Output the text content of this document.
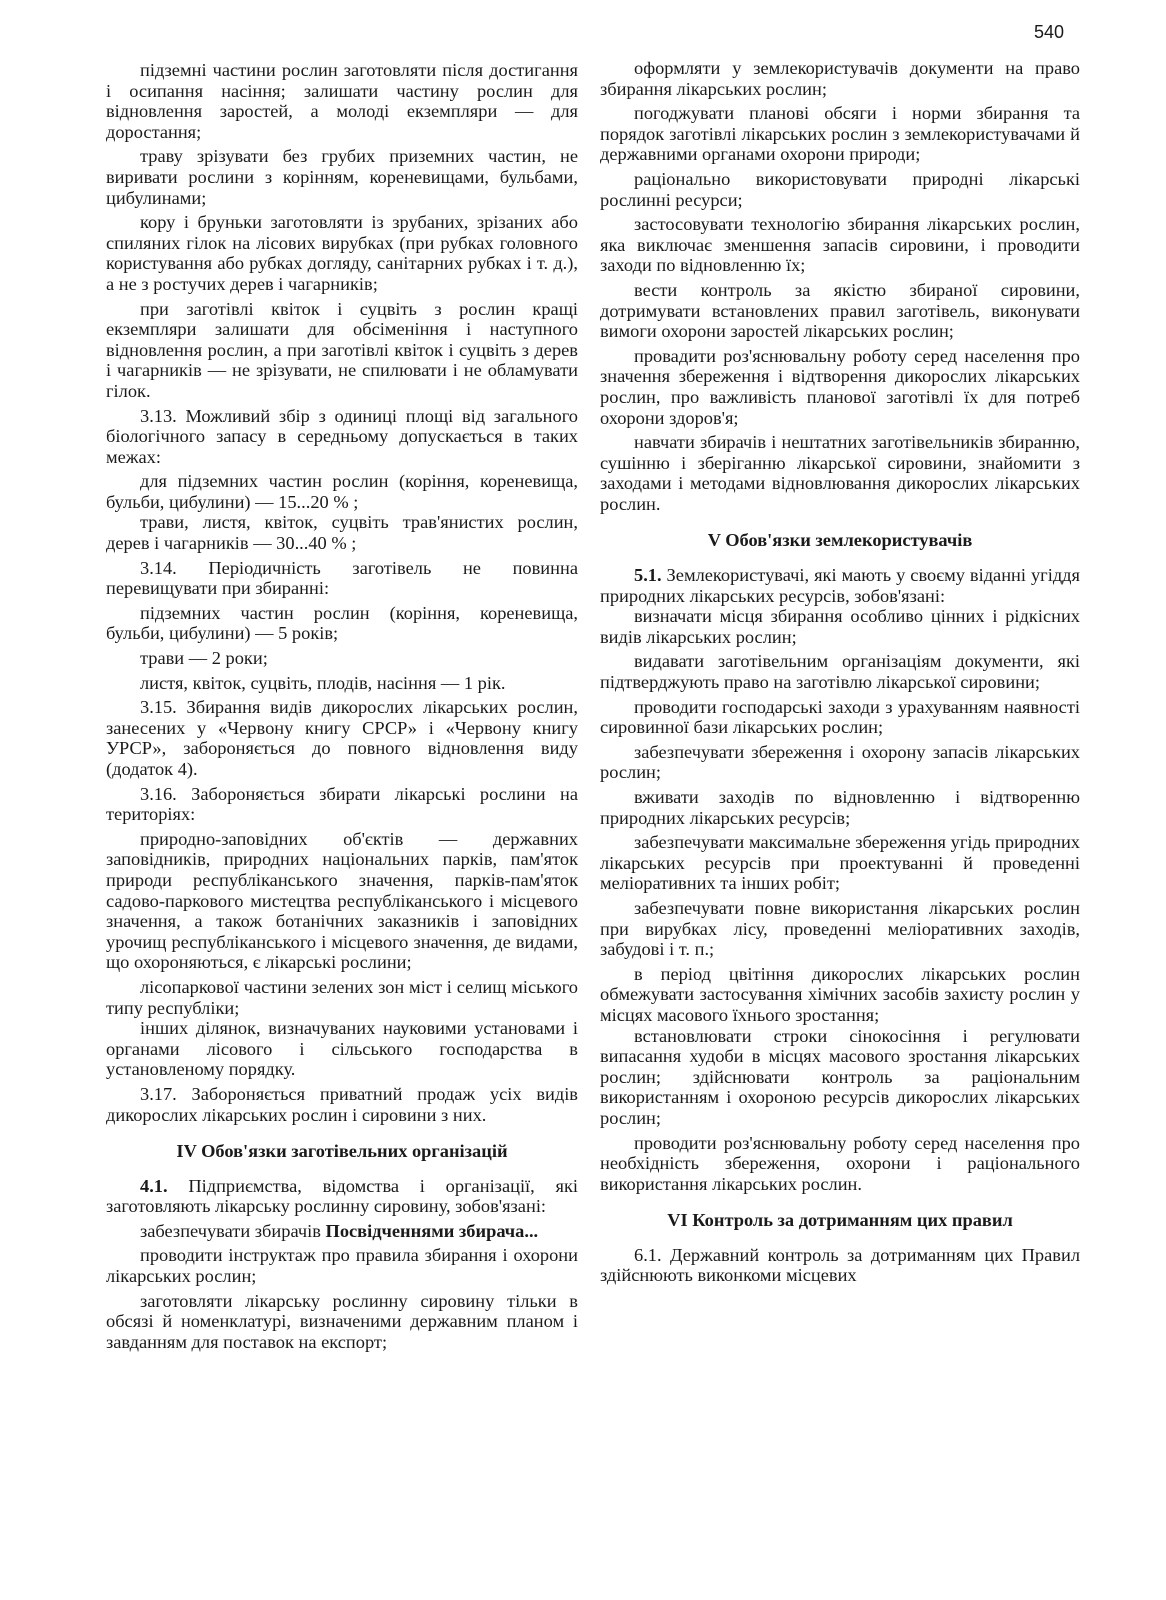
540

підземні частини рослин заготовляти після достигання і осипання насіння; залишати частину рослин для відновлення заростей, а молоді екземпляри — для доростання;

траву зрізувати без грубих приземних частин, не виривати рослини з корінням, кореневищами, бульбами, цибулинами;

кору і бруньки заготовляти із зрубаних, зрізаних або спиляних гілок на лісових вирубках (при рубках головного користування або рубках догляду, санітарних рубках і т. д.), а не з ростучих дерев і чагарників;

при заготівлі квіток і суцвіть з рослин кращі екземпляри залишати для обсіменіння і наступного відновлення рослин, а при заготівлі квіток і суцвіть з дерев і чагарників — не зрізувати, не спилювати і не обламувати гілок.

3.13. Можливий збір з одиниці площі від загального біологічного запасу в середньому допускається в таких межах:

для підземних частин рослин (коріння, кореневища, бульби, цибулини) — 15...20 % ;

трави, листя, квіток, суцвіть трав'янистих рослин, дерев і чагарників — 30...40 % ;

3.14. Періодичність заготівель не повинна перевищувати при збиранні:

підземних частин рослин (коріння, кореневища, бульби, цибулини) — 5 років;

трави — 2 роки;

листя, квіток, суцвіть, плодів, насіння — 1 рік.

3.15. Збирання видів дикорослих лікарських рослин, занесених у «Червону книгу СРСР» і «Червону книгу УРСР», забороняється до повного відновлення виду (додаток 4).

3.16. Забороняється збирати лікарські рослини на територіях:

природно-заповідних об'єктів — державних заповідників, природних національних парків, пам'яток природи республіканського значення, парків-пам'яток садово-паркового мистецтва республіканського і місцевого значення, а також ботанічних заказників і заповідних урочищ республіканського і місцевого значення, де видами, що охороняються, є лікарські рослини;

лісопаркової частини зелених зон міст і селищ міського типу республіки;

інших ділянок, визначуваних науковими установами і органами лісового і сільського господарства в установленому порядку.

3.17. Забороняється приватний продаж усіх видів дикорослих лікарських рослин і сировини з них.

IV Обов'язки заготівельних організацій

4.1. Підприємства, відомства і організації, які заготовляють лікарську рослинну сировину, зобов'язані:

забезпечувати збирачів Посвідченнями збирача...

проводити інструктаж про правила збирання і охорони лікарських рослин;

заготовляти лікарську рослинну сировину тільки в обсязі й номенклатурі, визначеними державним планом і завданням для поставок на експорт;

оформляти у землекористувачів документи на право збирання лікарських рослин;

погоджувати планові обсяги і норми збирання та порядок заготівлі лікарських рослин з землекористувачами й державними органами охорони природи;

раціонально використовувати природні лікарські рослинні ресурси;

застосовувати технологію збирання лікарських рослин, яка виключає зменшення запасів сировини, і проводити заходи по відновленню їх;

вести контроль за якістю збираної сировини, дотримувати встановлених правил заготівель, виконувати вимоги охорони заростей лікарських рослин;

провадити роз'яснювальну роботу серед населення про значення збереження і відтворення дикорослих лікарських рослин, про важливість планової заготівлі їх для потреб охорони здоров'я;

навчати збирачів і нештатних заготівельників збиранню, сушінню і зберіганню лікарської сировини, знайомити з заходами і методами відновлювання дикорослих лікарських рослин.

V Обов'язки землекористувачів

5.1. Землекористувачі, які мають у своєму віданні угіддя природних лікарських ресурсів, зобов'язані:

визначати місця збирання особливо цінних і рідкісних видів лікарських рослин;

видавати заготівельним організаціям документи, які підтверджують право на заготівлю лікарської сировини;

проводити господарські заходи з урахуванням наявності сировинної бази лікарських рослин;

забезпечувати збереження і охорону запасів лікарських рослин;

вживати заходів по відновленню і відтворенню природних лікарських ресурсів;

забезпечувати максимальне збереження угідь природних лікарських ресурсів при проектуванні й проведенні меліоративних та інших робіт;

забезпечувати повне використання лікарських рослин при вирубках лісу, проведенні меліоративних заходів, забудові і т. п.;

в період цвітіння дикорослих лікарських рослин обмежувати застосування хімічних засобів захисту рослин у місцях масового їхнього зростання;

встановлювати строки сінокосіння і регулювати випасання худоби в місцях масового зростання лікарських рослин; здійснювати контроль за раціональним використанням і охороною ресурсів дикорослих лікарських рослин;

проводити роз'яснювальну роботу серед населення про необхідність збереження, охорони і раціонального використання лікарських рослин.

VI Контроль за дотриманням цих правил

6.1. Державний контроль за дотриманням цих Правил здійснюють виконкоми місцевих
